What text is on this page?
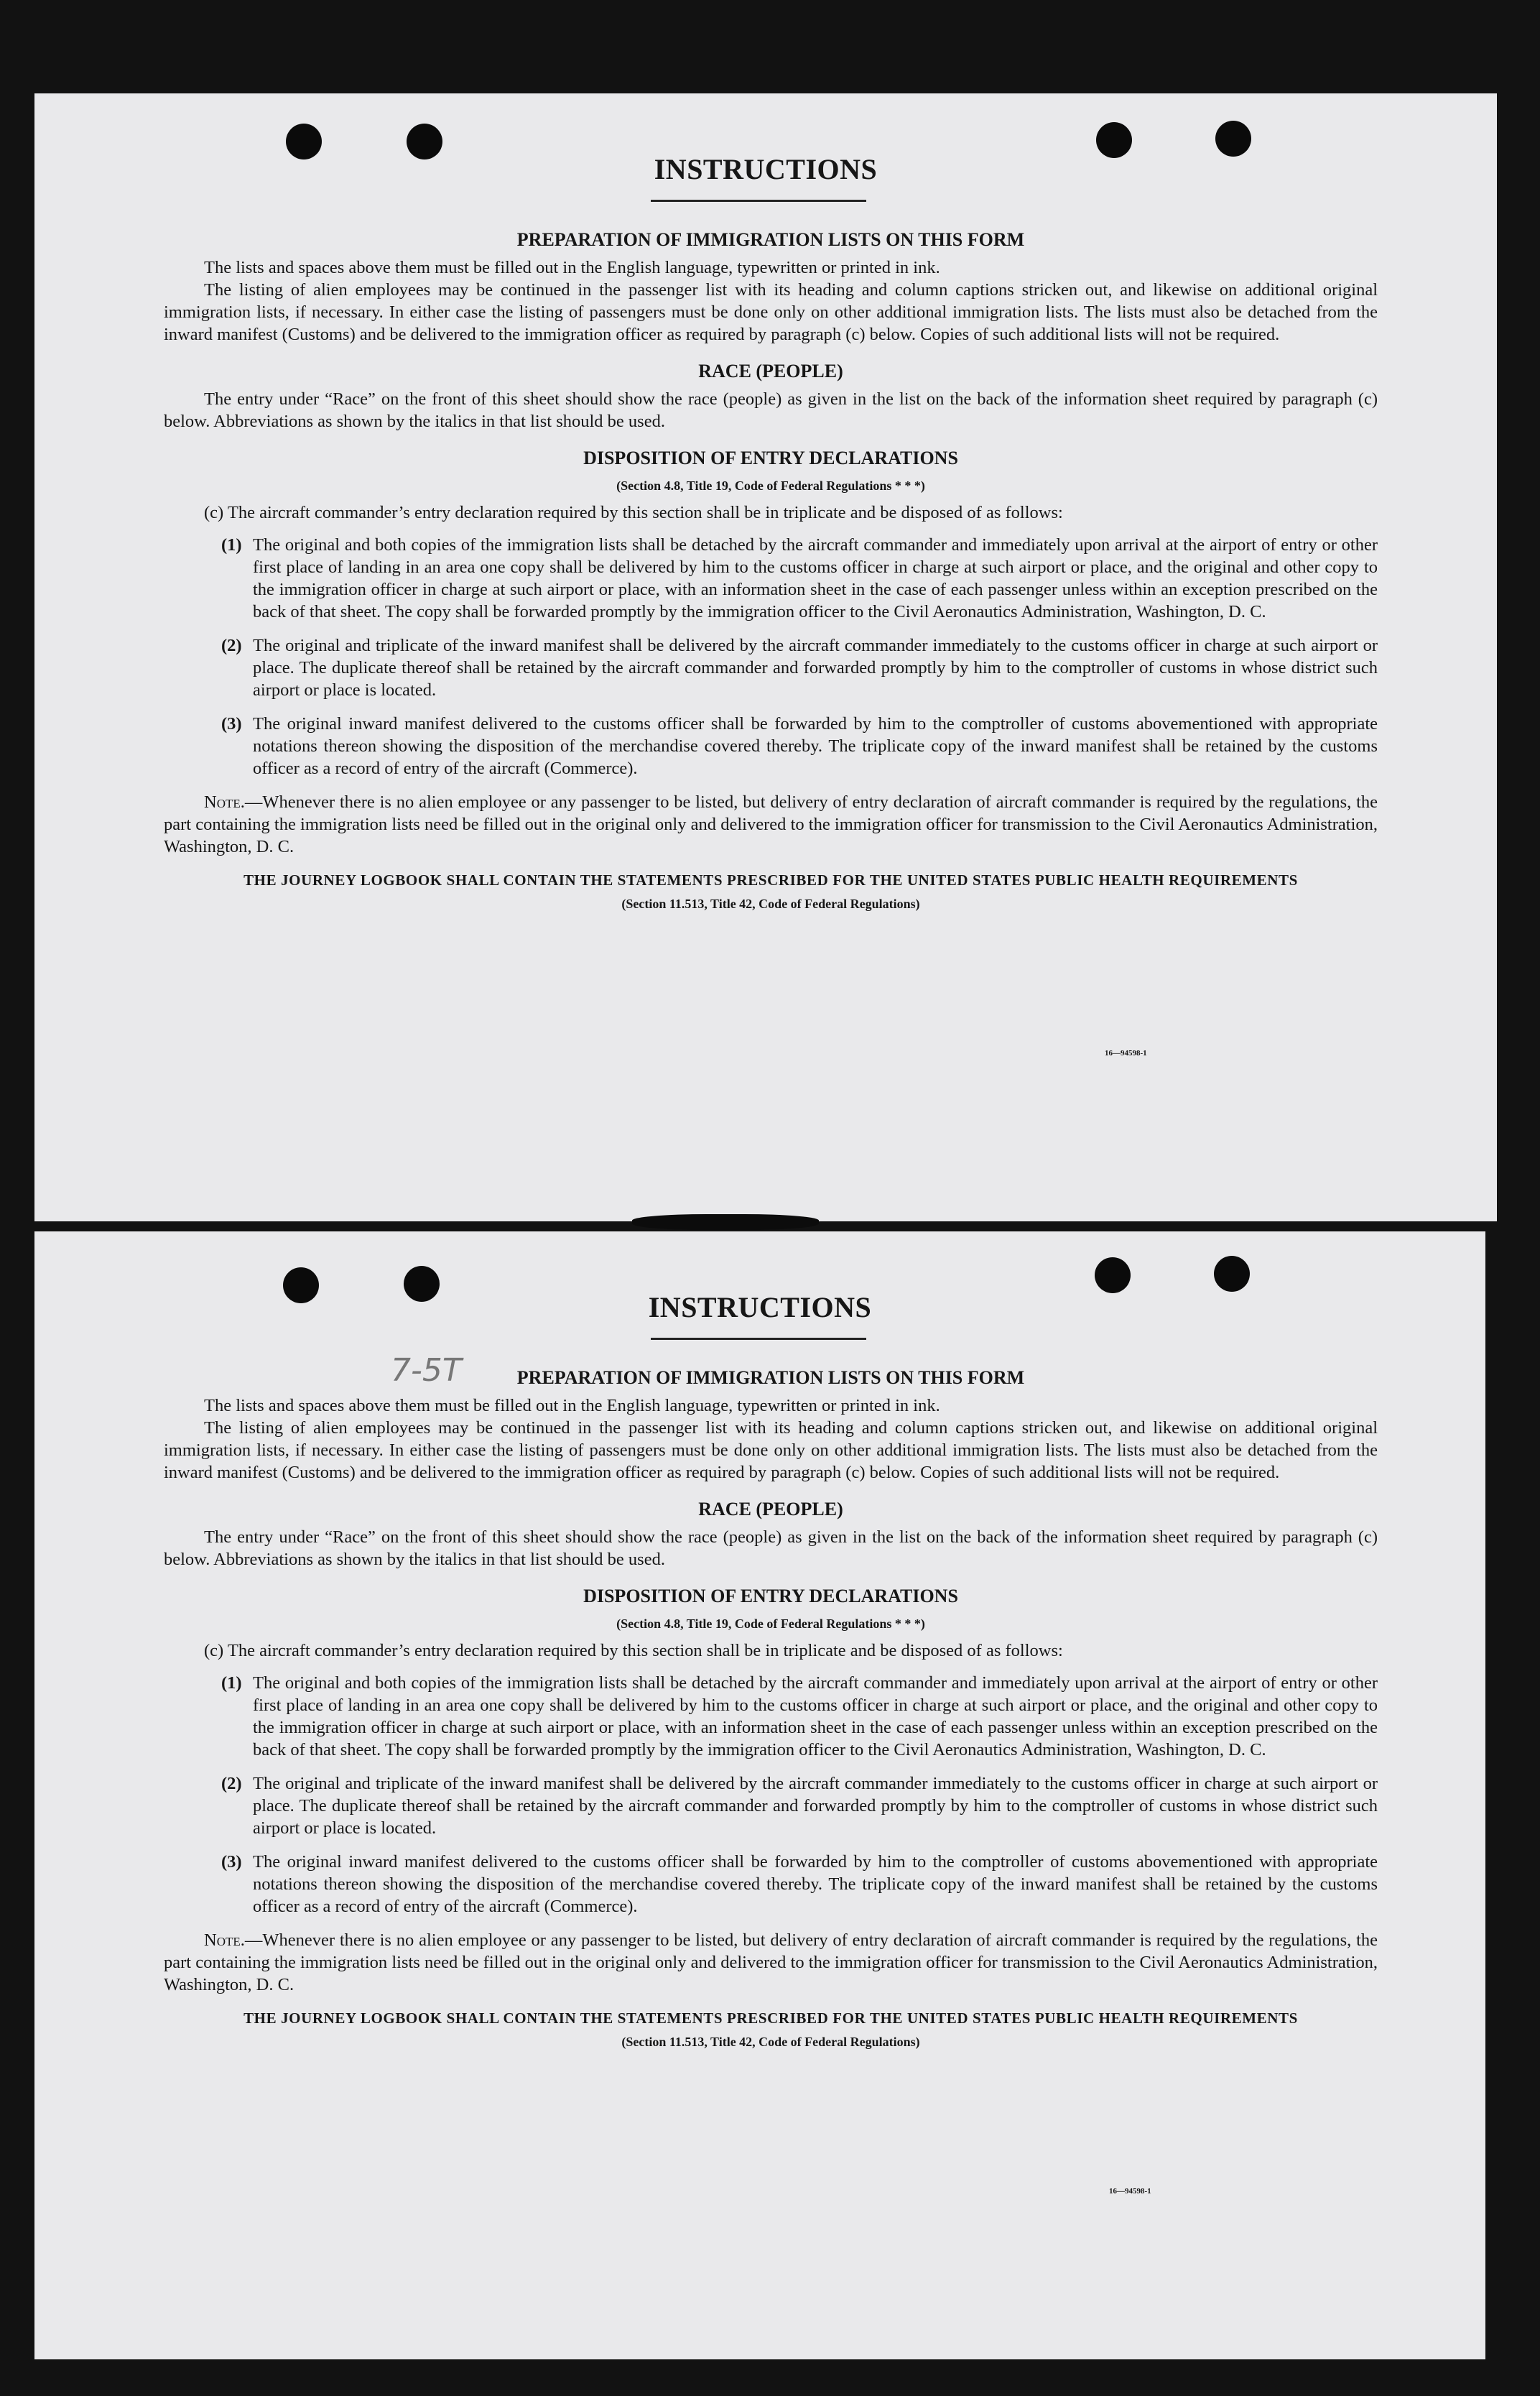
INSTRUCTIONS
PREPARATION OF IMMIGRATION LISTS ON THIS FORM

The lists and spaces above them must be filled out in the English language, typewritten or printed in ink.

The listing of alien employees may be continued in the passenger list with its heading and column captions stricken out, and likewise on additional original immigration lists, if necessary. In either case the listing of passengers must be done only on other additional immigration lists. The lists must also be detached from the inward manifest (Customs) and be delivered to the immigration officer as required by paragraph (c) below. Copies of such additional lists will not be required.

RACE (PEOPLE)

The entry under “Race” on the front of this sheet should show the race (people) as given in the list on the back of the information sheet required by paragraph (c) below. Abbreviations as shown by the italics in that list should be used.

DISPOSITION OF ENTRY DECLARATIONS
(Section 4.8, Title 19, Code of Federal Regulations * * *)

(c) The aircraft commander’s entry declaration required by this section shall be in triplicate and be disposed of as follows:

(1) The original and both copies of the immigration lists shall be detached by the aircraft commander and immediately upon arrival at the airport of entry or other first place of landing in an area one copy shall be delivered by him to the customs officer in charge at such airport or place, and the original and other copy to the immigration officer in charge at such airport or place, with an information sheet in the case of each passenger unless within an exception prescribed on the back of that sheet. The copy shall be forwarded promptly by the immigration officer to the Civil Aeronautics Administration, Washington, D. C.
(2) The original and triplicate of the inward manifest shall be delivered by the aircraft commander immediately to the customs officer in charge at such airport or place. The duplicate thereof shall be retained by the aircraft commander and forwarded promptly by him to the comptroller of customs in whose district such airport or place is located.
(3) The original inward manifest delivered to the customs officer shall be forwarded by him to the comptroller of customs abovementioned with appropriate notations thereon showing the disposition of the merchandise covered thereby. The triplicate copy of the inward manifest shall be retained by the customs officer as a record of entry of the aircraft (Commerce).

Note.—Whenever there is no alien employee or any passenger to be listed, but delivery of entry declaration of aircraft commander is required by the regulations, the part containing the immigration lists need be filled out in the original only and delivered to the immigration officer for transmission to the Civil Aeronautics Administration, Washington, D. C.

THE JOURNEY LOGBOOK SHALL CONTAIN THE STATEMENTS PRESCRIBED FOR THE UNITED STATES PUBLIC HEALTH REQUIREMENTS
(Section 11.513, Title 42, Code of Federal Regulations)
16—94598-1
INSTRUCTIONS
7-5T	PREPARATION OF IMMIGRATION LISTS ON THIS FORM

The lists and spaces above them must be filled out in the English language, typewritten or printed in ink.

The listing of alien employees may be continued in the passenger list with its heading and column captions stricken out, and likewise on additional original immigration lists, if necessary. In either case the listing of passengers must be done only on other additional immigration lists. The lists must also be detached from the inward manifest (Customs) and be delivered to the immigration officer as required by paragraph (c) below. Copies of such additional lists will not be required.

RACE (PEOPLE)

The entry under “Race” on the front of this sheet should show the race (people) as given in the list on the back of the information sheet required by paragraph (c) below. Abbreviations as shown by the italics in that list should be used.

DISPOSITION OF ENTRY DECLARATIONS
(Section 4.8, Title 19, Code of Federal Regulations * * *)

(c) The aircraft commander’s entry declaration required by this section shall be in triplicate and be disposed of as follows:

(1) The original and both copies of the immigration lists shall be detached by the aircraft commander and immediately upon arrival at the airport of entry or other first place of landing in an area one copy shall be delivered by him to the customs officer in charge at such airport or place, and the original and other copy to the immigration officer in charge at such airport or place, with an information sheet in the case of each passenger unless within an exception prescribed on the back of that sheet. The copy shall be forwarded promptly by the immigration officer to the Civil Aeronautics Administration, Washington, D. C.
(2) The original and triplicate of the inward manifest shall be delivered by the aircraft commander immediately to the customs officer in charge at such airport or place. The duplicate thereof shall be retained by the aircraft commander and forwarded promptly by him to the comptroller of customs in whose district such airport or place is located.
(3) The original inward manifest delivered to the customs officer shall be forwarded by him to the comptroller of customs abovementioned with appropriate notations thereon showing the disposition of the merchandise covered thereby. The triplicate copy of the inward manifest shall be retained by the customs officer as a record of entry of the aircraft (Commerce).

Note.—Whenever there is no alien employee or any passenger to be listed, but delivery of entry declaration of aircraft commander is required by the regulations, the part containing the immigration lists need be filled out in the original only and delivered to the immigration officer for transmission to the Civil Aeronautics Administration, Washington, D. C.

THE JOURNEY LOGBOOK SHALL CONTAIN THE STATEMENTS PRESCRIBED FOR THE UNITED STATES PUBLIC HEALTH REQUIREMENTS
(Section 11.513, Title 42, Code of Federal Regulations)
16—94598-1
